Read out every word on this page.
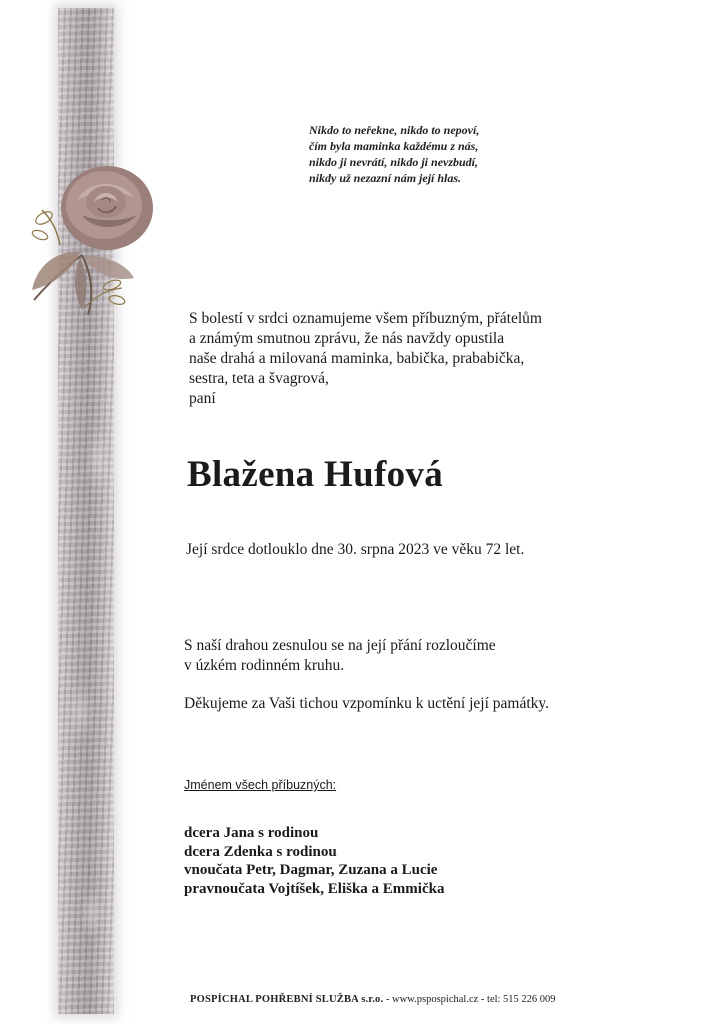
Nikdo to neřekne, nikdo to nepoví,
čím byla maminka každému z nás,
nikdo ji nevrátí, nikdo ji nevzbudí,
nikdy už nezazní nám její hlas.
S bolestí v srdci oznamujeme všem příbuzným, přátelům
a známým smutnou zprávu, že nás navždy opustila
naše drahá a milovaná maminka, babička, prababička,
sestra, teta a švagrová,
paní
Blažena Hufová
Její srdce dotlouklo dne 30. srpna 2023 ve věku 72 let.
S naší drahou zesnulou se na její přání rozloučíme
v úzkém rodinném kruhu.
Děkujeme za Vaši tichou vzpomínku k uctění její památky.
Jménem všech příbuzných:
dcera Jana s rodinou
dcera Zdenka s rodinou
vnoučata Petr, Dagmar, Zuzana a Lucie
pravnoučata Vojtíšek, Eliška a Emmička
POSPÍCHAL POHŘEBNÍ SLUŽBA s.r.o. - www.pspospichal.cz - tel: 515 226 009
